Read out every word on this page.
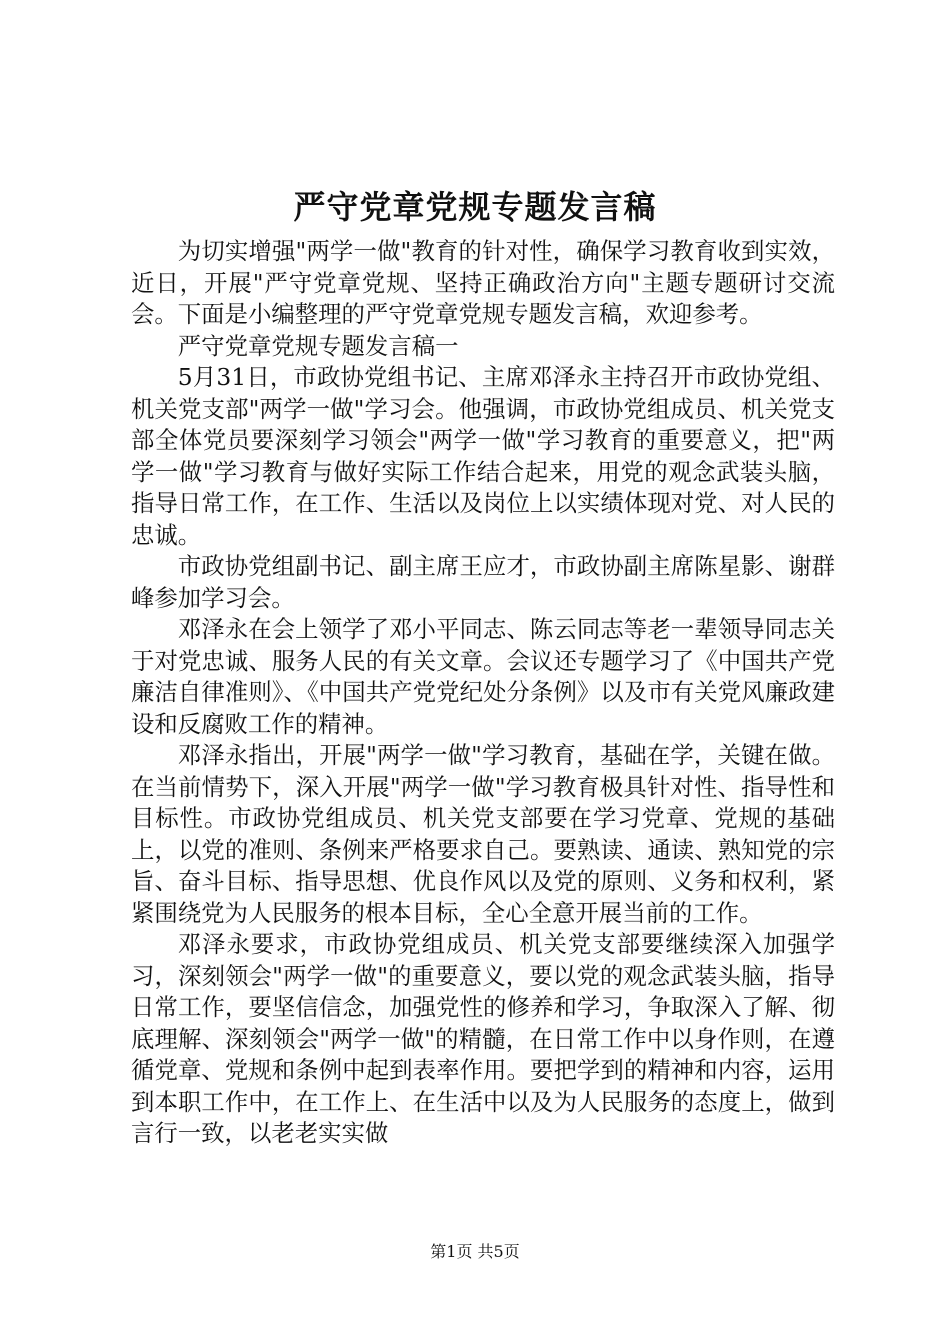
严守党章党规专题发言稿

为切实增强"两学一做"教育的针对性，确保学习教育收到实效，近日，开展"严守党章党规、坚持正确政治方向"主题专题研讨交流会。下面是小编整理的严守党章党规专题发言稿，欢迎参考。

严守党章党规专题发言稿一

5月31日，市政协党组书记、主席邓泽永主持召开市政协党组、机关党支部"两学一做"学习会。他强调，市政协党组成员、机关党支部全体党员要深刻学习领会"两学一做"学习教育的重要意义，把"两学一做"学习教育与做好实际工作结合起来，用党的观念武装头脑，指导日常工作，在工作、生活以及岗位上以实绩体现对党、对人民的忠诚。

市政协党组副书记、副主席王应才，市政协副主席陈星影、谢群峰参加学习会。

邓泽永在会上领学了邓小平同志、陈云同志等老一辈领导同志关于对党忠诚、服务人民的有关文章。会议还专题学习了《中国共产党廉洁自律准则》、《中国共产党党纪处分条例》以及市有关党风廉政建设和反腐败工作的精神。

邓泽永指出，开展"两学一做"学习教育，基础在学，关键在做。在当前情势下，深入开展"两学一做"学习教育极具针对性、指导性和目标性。市政协党组成员、机关党支部要在学习党章、党规的基础上，以党的准则、条例来严格要求自己。要熟读、通读、熟知党的宗旨、奋斗目标、指导思想、优良作风以及党的原则、义务和权利，紧紧围绕党为人民服务的根本目标，全心全意开展当前的工作。

邓泽永要求，市政协党组成员、机关党支部要继续深入加强学习，深刻领会"两学一做"的重要意义，要以党的观念武装头脑，指导日常工作，要坚信信念，加强党性的修养和学习，争取深入了解、彻底理解、深刻领会"两学一做"的精髓，在日常工作中以身作则，在遵循党章、党规和条例中起到表率作用。要把学到的精神和内容，运用到本职工作中，在工作上、在生活中以及为人民服务的态度上，做到言行一致，以老老实实做

第1页 共5页
